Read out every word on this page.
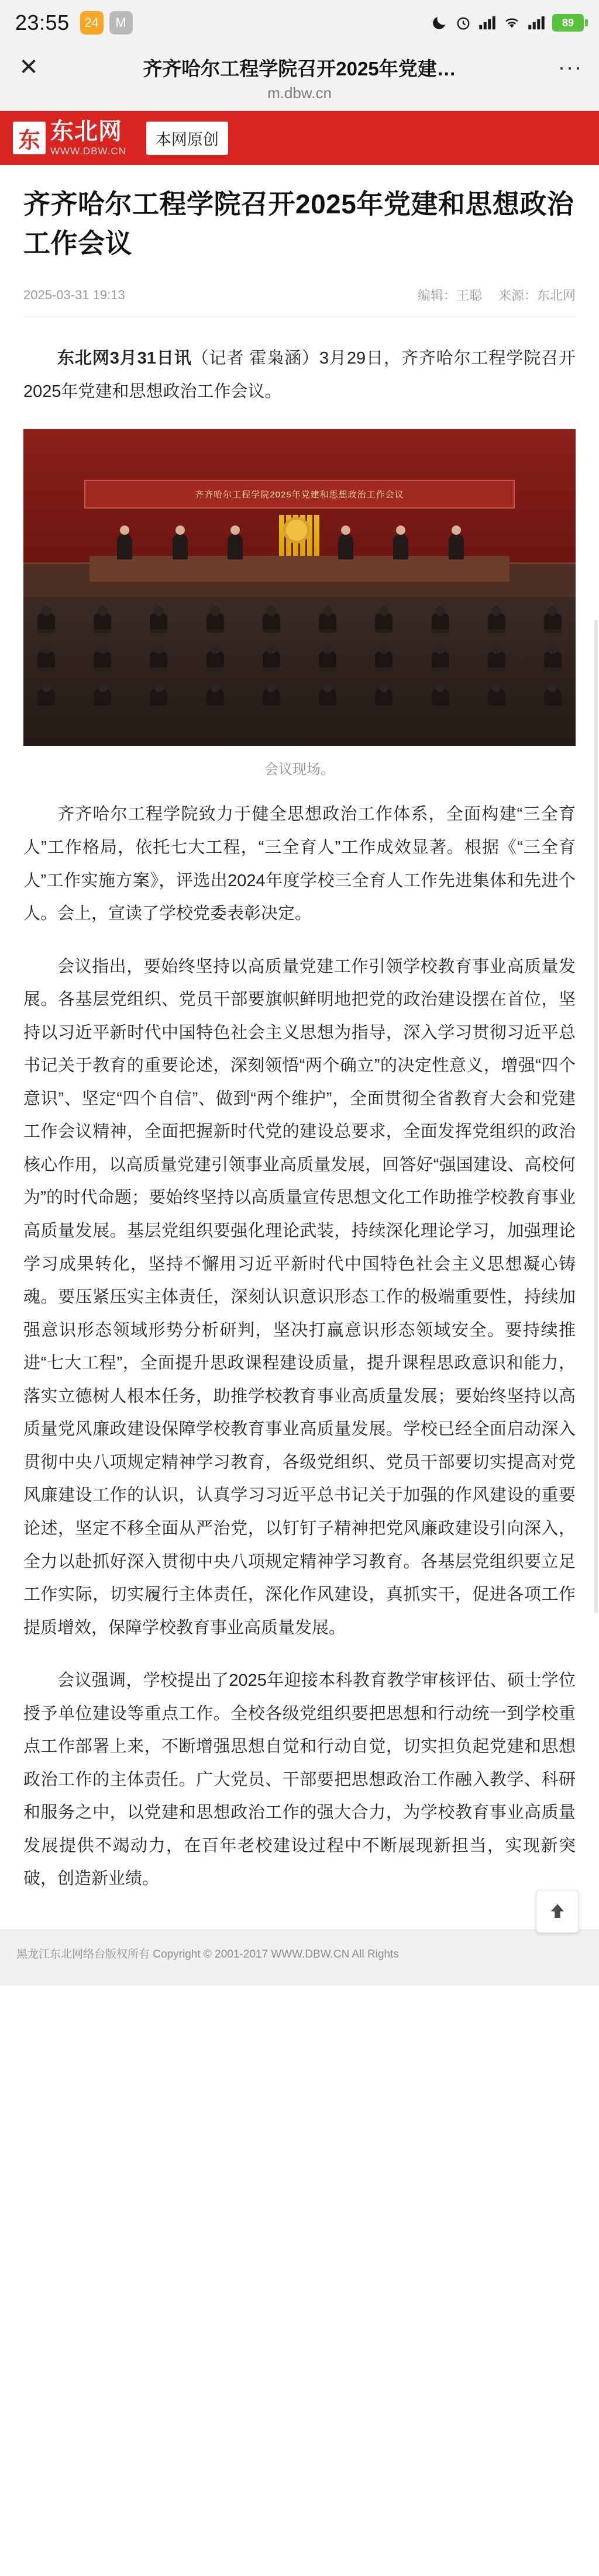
23:55	24	M	89
✕	齐齐哈尔工程学院召开2025年党建…	···
m.dbw.cn
东 东北网
WWW.DBW.CN
本网原创
齐齐哈尔工程学院召开2025年党建和思想政治工作会议
2025-03-31 19:13	编辑：王聪 来源：东北网

东北网3月31日讯（记者 霍枭涵）3月29日，齐齐哈尔工程学院召开2025年党建和思想政治工作会议。

齐齐哈尔工程学院2025年党建和思想政治工作会议
会议现场。

齐齐哈尔工程学院致力于健全思想政治工作体系，全面构建“三全育人”工作格局，依托七大工程，“三全育人”工作成效显著。根据《“三全育人”工作实施方案》，评选出2024年度学校三全育人工作先进集体和先进个人。会上，宣读了学校党委表彰决定。

会议指出，要始终坚持以高质量党建工作引领学校教育事业高质量发展。各基层党组织、党员干部要旗帜鲜明地把党的政治建设摆在首位，坚持以习近平新时代中国特色社会主义思想为指导，深入学习贯彻习近平总书记关于教育的重要论述，深刻领悟“两个确立”的决定性意义，增强“四个意识”、坚定“四个自信”、做到“两个维护”，全面贯彻全省教育大会和党建工作会议精神，全面把握新时代党的建设总要求，全面发挥党组织的政治核心作用，以高质量党建引领事业高质量发展，回答好“强国建设、高校何为”的时代命题；要始终坚持以高质量宣传思想文化工作助推学校教育事业高质量发展。基层党组织要强化理论武装，持续深化理论学习，加强理论学习成果转化，坚持不懈用习近平新时代中国特色社会主义思想凝心铸魂。要压紧压实主体责任，深刻认识意识形态工作的极端重要性，持续加强意识形态领域形势分析研判，坚决打赢意识形态领域安全。要持续推进“七大工程”，全面提升思政课程建设质量，提升课程思政意识和能力，落实立德树人根本任务，助推学校教育事业高质量发展；要始终坚持以高质量党风廉政建设保障学校教育事业高质量发展。学校已经全面启动深入贯彻中央八项规定精神学习教育，各级党组织、党员干部要切实提高对党风廉建设工作的认识，认真学习习近平总书记关于加强的作风建设的重要论述，坚定不移全面从严治党，以钉钉子精神把党风廉政建设引向深入，全力以赴抓好深入贯彻中央八项规定精神学习教育。各基层党组织要立足工作实际，切实履行主体责任，深化作风建设，真抓实干，促进各项工作提质增效，保障学校教育事业高质量发展。

会议强调，学校提出了2025年迎接本科教育教学审核评估、硕士学位授予单位建设等重点工作。全校各级党组织要把思想和行动统一到学校重点工作部署上来，不断增强思想自觉和行动自觉，切实担负起党建和思想政治工作的主体责任。广大党员、干部要把思想政治工作融入教学、科研和服务之中，以党建和思想政治工作的强大合力，为学校教育事业高质量发展提供不竭动力，在百年老校建设过程中不断展现新担当，实现新突破，创造新业绩。

黑龙江东北网络台版权所有 Copyright © 2001-2017 WWW.DBW.CN All Rights
